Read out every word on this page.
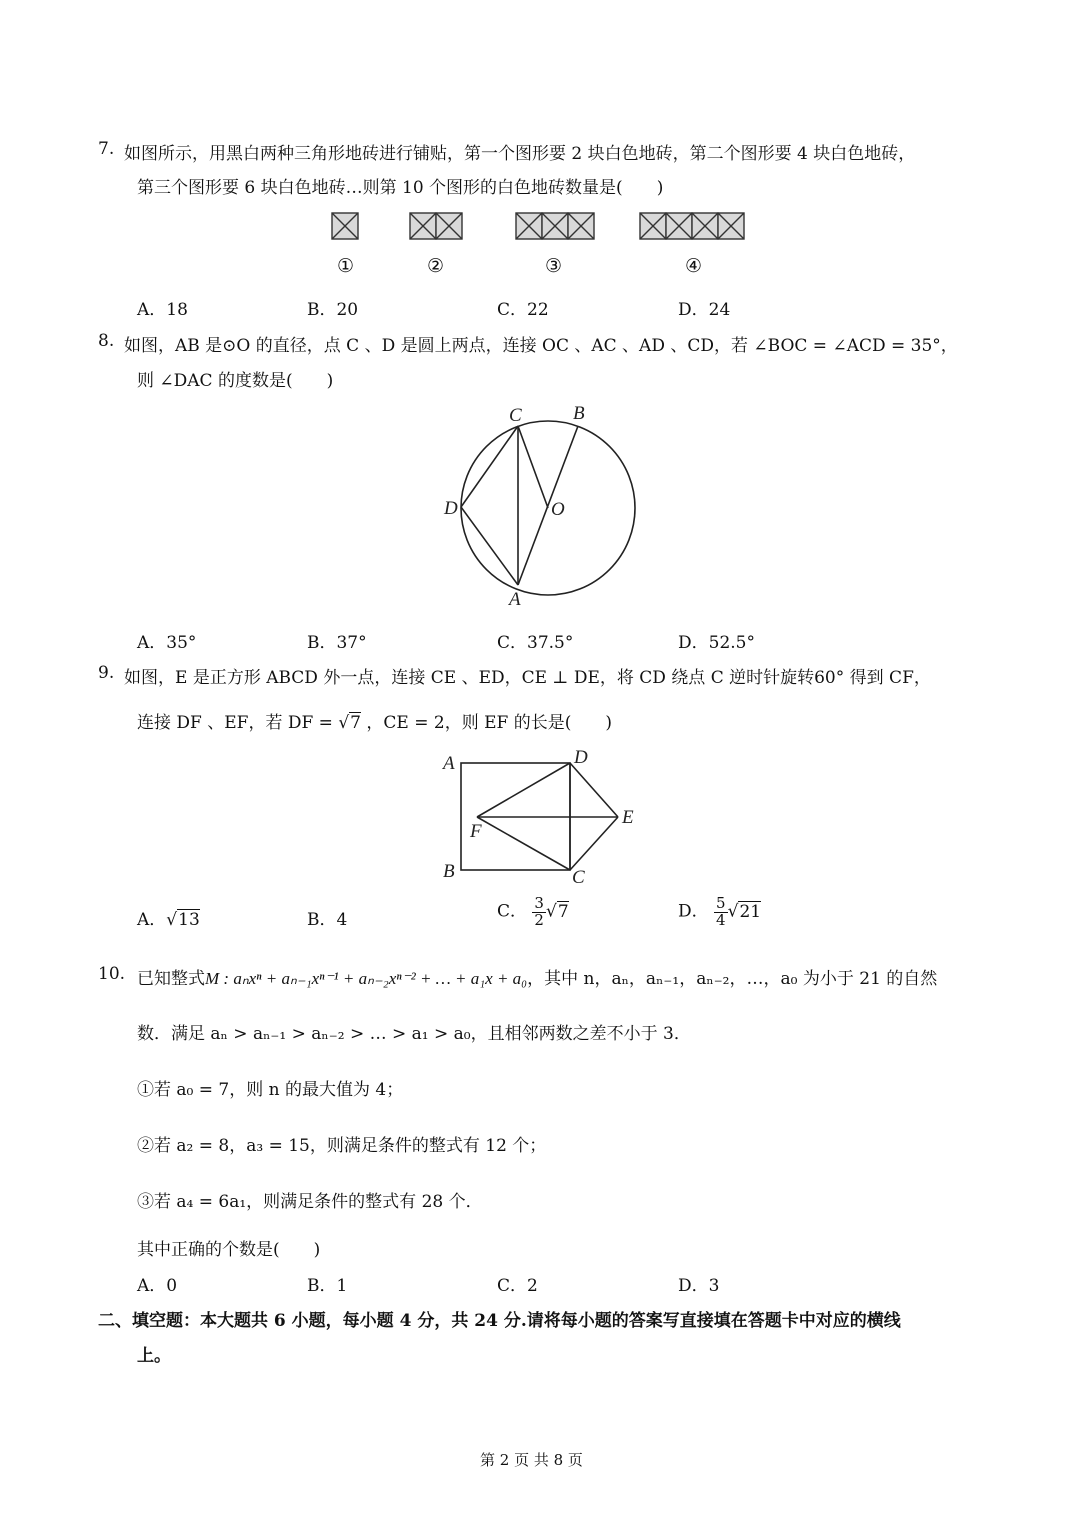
7. 如图所示，用黑白两种三角形地砖进行铺贴，第一个图形要 2 块白色地砖，第二个图形要 4 块白色地砖，
第三个图形要 6 块白色地砖…则第 10 个图形的白色地砖数量是(　　)
①	②	③	④
A．18	B．20	C．22	D．24
8. 如图，AB 是⊙O 的直径，点 C 、D 是圆上两点，连接 OC 、AC 、AD 、CD，若 ∠BOC = ∠ACD = 35°，
则 ∠DAC 的度数是(　　)
C	B
D	O
A
A．35°	B．37°	C．37.5°	D．52.5°
9. 如图，E 是正方形 ABCD 外一点，连接 CE 、ED，CE ⊥ DE，将 CD 绕点 C 逆时针旋转60° 得到 CF，
连接 DF 、EF，若 DF = √7 ，CE = 2，则 EF 的长是(　　)
A	D
E
F
B	C
A．√13	B．4	C． $\frac{3}{2} √7$	D． $\frac{5}{4} √21$
10. 已知整式M : aₙxⁿ + aₙ₋₁xⁿ⁻¹ + aₙ₋₂xⁿ⁻² + … + a₁x + a₀，其中 n，aₙ，aₙ₋₁，aₙ₋₂，…，a₀ 为小于 21 的自然
数．满足 aₙ > aₙ₋₁ > aₙ₋₂ > … > a₁ > a₀，且相邻两数之差不小于 3．
①若 a₀ = 7，则 n 的最大值为 4；
②若 a₂ = 8，a₃ = 15，则满足条件的整式有 12 个；
③若 a₄ = 6a₁，则满足条件的整式有 28 个．
其中正确的个数是(　　)
A．0	B．1	C．2	D．3
二、填空题：本大题共 6 小题，每小题 4 分，共 24 分.请将每小题的答案写直接填在答题卡中对应的横线
上。
第 2 页 共 8 页
